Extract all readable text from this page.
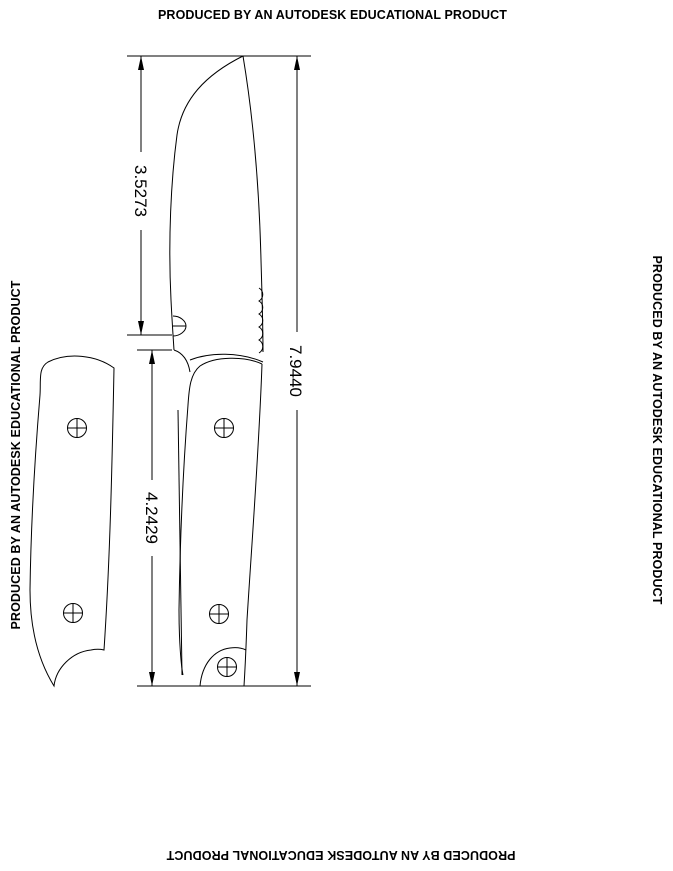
PRODUCED BY AN AUTODESK EDUCATIONAL PRODUCT
PRODUCED BY AN AUTODESK EDUCATIONAL PRODUCT	PRODUCED BY AN AUTODESK EDUCATIONAL PRODUCT
PRODUCED BY AN AUTODESK EDUCATIONAL PRODUCT
3.5273
4.2429
7.9440
